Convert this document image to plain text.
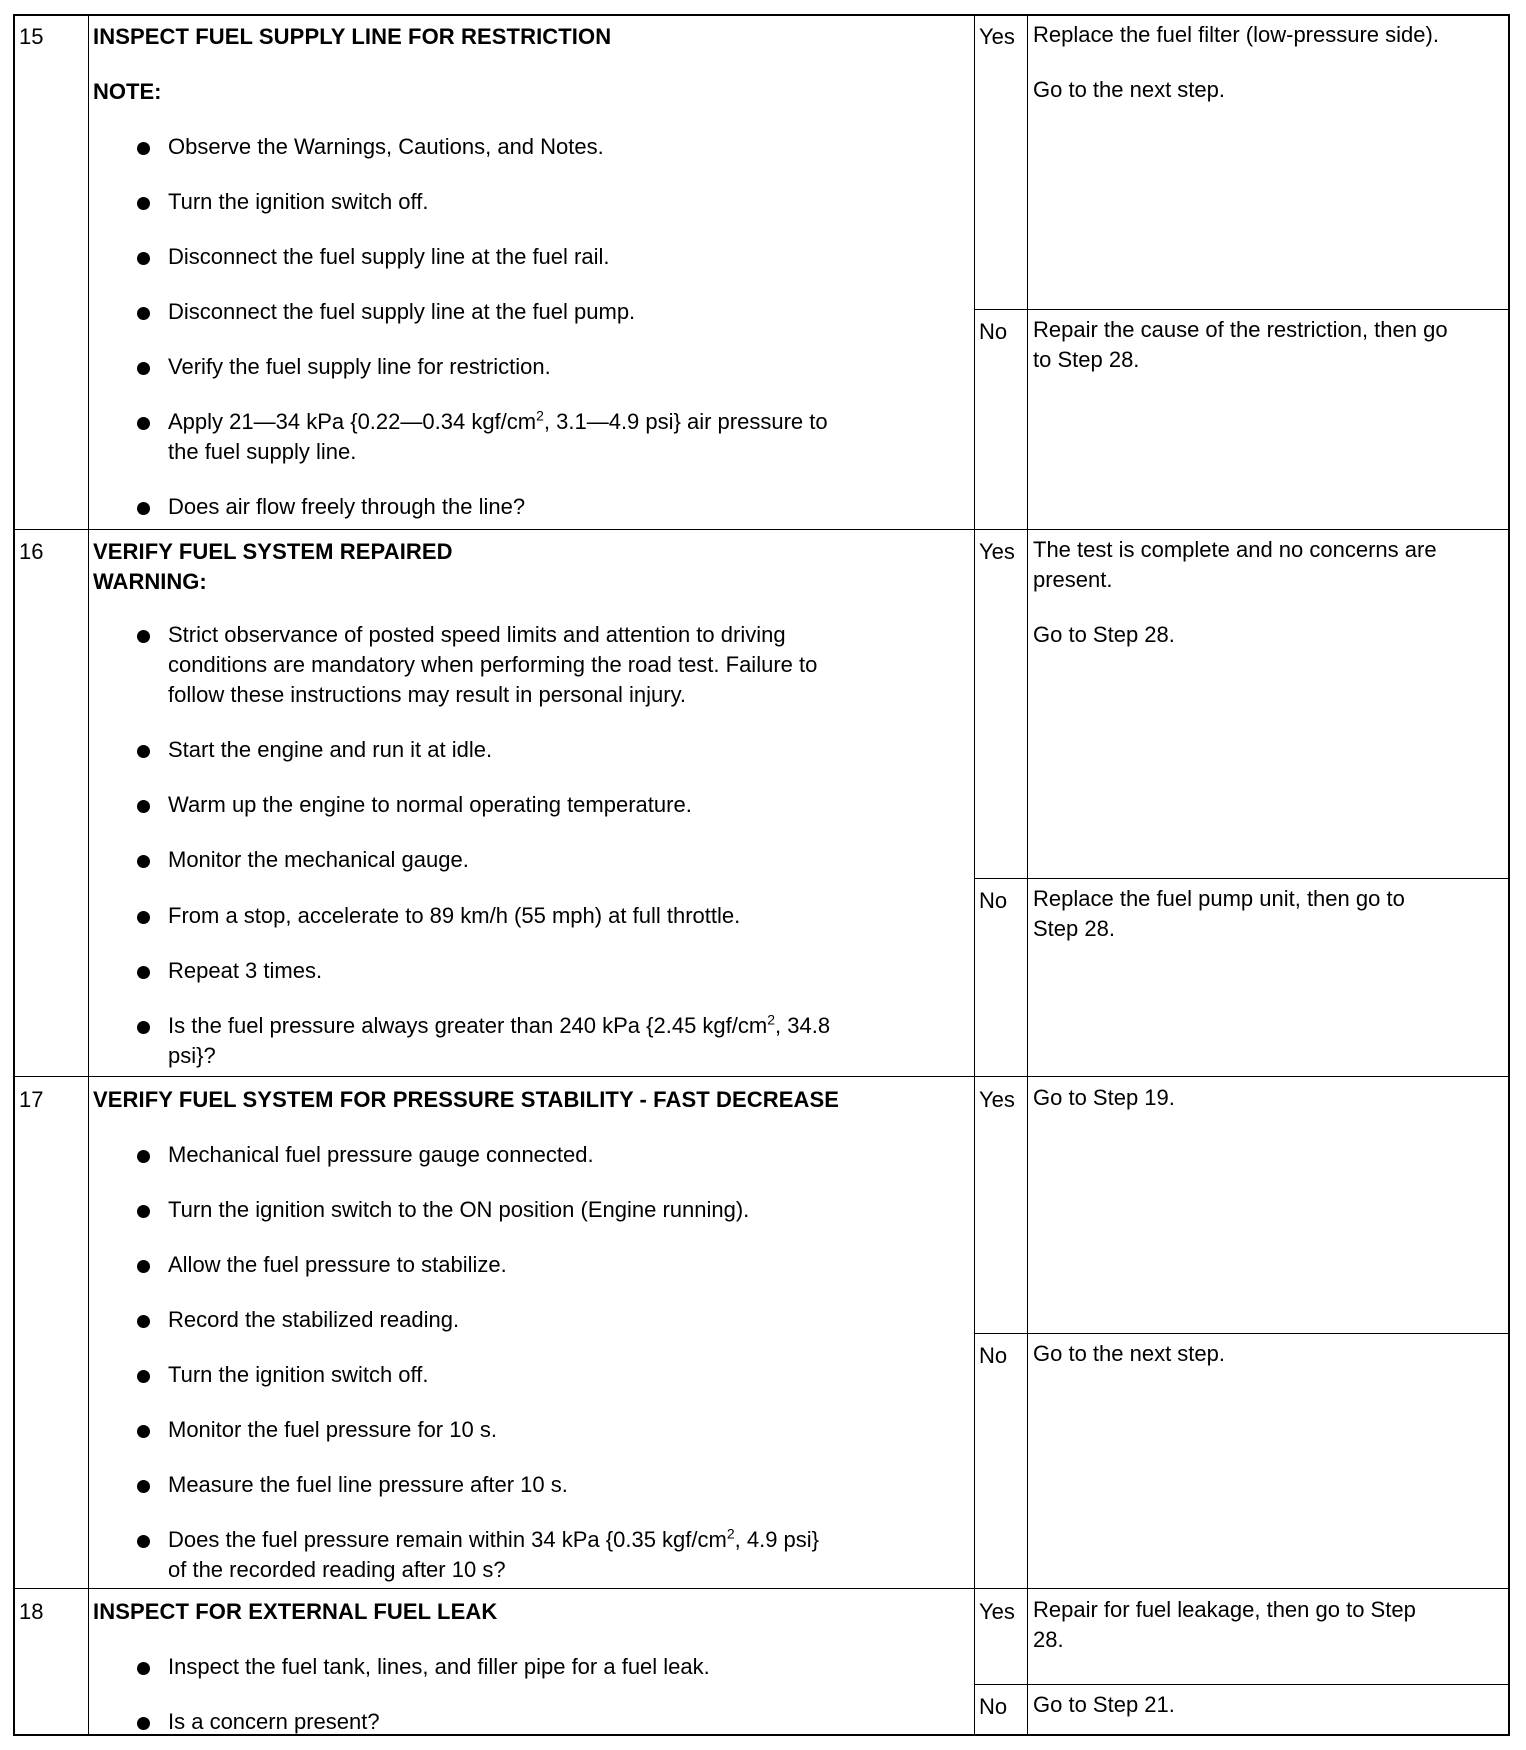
15 INSPECT FUEL SUPPLY LINE FOR RESTRICTION
NOTE:
Observe the Warnings, Cautions, and Notes.
Turn the ignition switch off.
Disconnect the fuel supply line at the fuel rail.
Disconnect the fuel supply line at the fuel pump.
Verify the fuel supply line for restriction.
Apply 21—34 kPa {0.22—0.34 kgf/$cm^2$, 3.1—4.9 psi} air pressure to
the fuel supply line.
Does air flow freely through the line?
Yes Replace the fuel filter (low-pressure side).
Go to the next step.
No Repair the cause of the restriction, then go
to Step 28.
16 VERIFY FUEL SYSTEM REPAIRED
WARNING:
Strict observance of posted speed limits and attention to driving
conditions are mandatory when performing the road test. Failure to
follow these instructions may result in personal injury.
Start the engine and run it at idle.
Warm up the engine to normal operating temperature.
Monitor the mechanical gauge.
From a stop, accelerate to 89 km/h (55 mph) at full throttle.
Repeat 3 times.
Is the fuel pressure always greater than 240 kPa {2.45 kgf/$cm^2$, 34.8
psi}?
Yes The test is complete and no concerns are
present.
Go to Step 28.
No Replace the fuel pump unit, then go to
Step 28.
17 VERIFY FUEL SYSTEM FOR PRESSURE STABILITY - FAST DECREASE
Mechanical fuel pressure gauge connected.
Turn the ignition switch to the ON position (Engine running).
Allow the fuel pressure to stabilize.
Record the stabilized reading.
Turn the ignition switch off.
Monitor the fuel pressure for 10 s.
Measure the fuel line pressure after 10 s.
Does the fuel pressure remain within 34 kPa {0.35 kgf/$cm^2$, 4.9 psi}
of the recorded reading after 10 s?
Yes Go to Step 19.
No Go to the next step.
18 INSPECT FOR EXTERNAL FUEL LEAK
Inspect the fuel tank, lines, and filler pipe for a fuel leak.
Is a concern present?
Yes Repair for fuel leakage, then go to Step
28.
No Go to Step 21.
